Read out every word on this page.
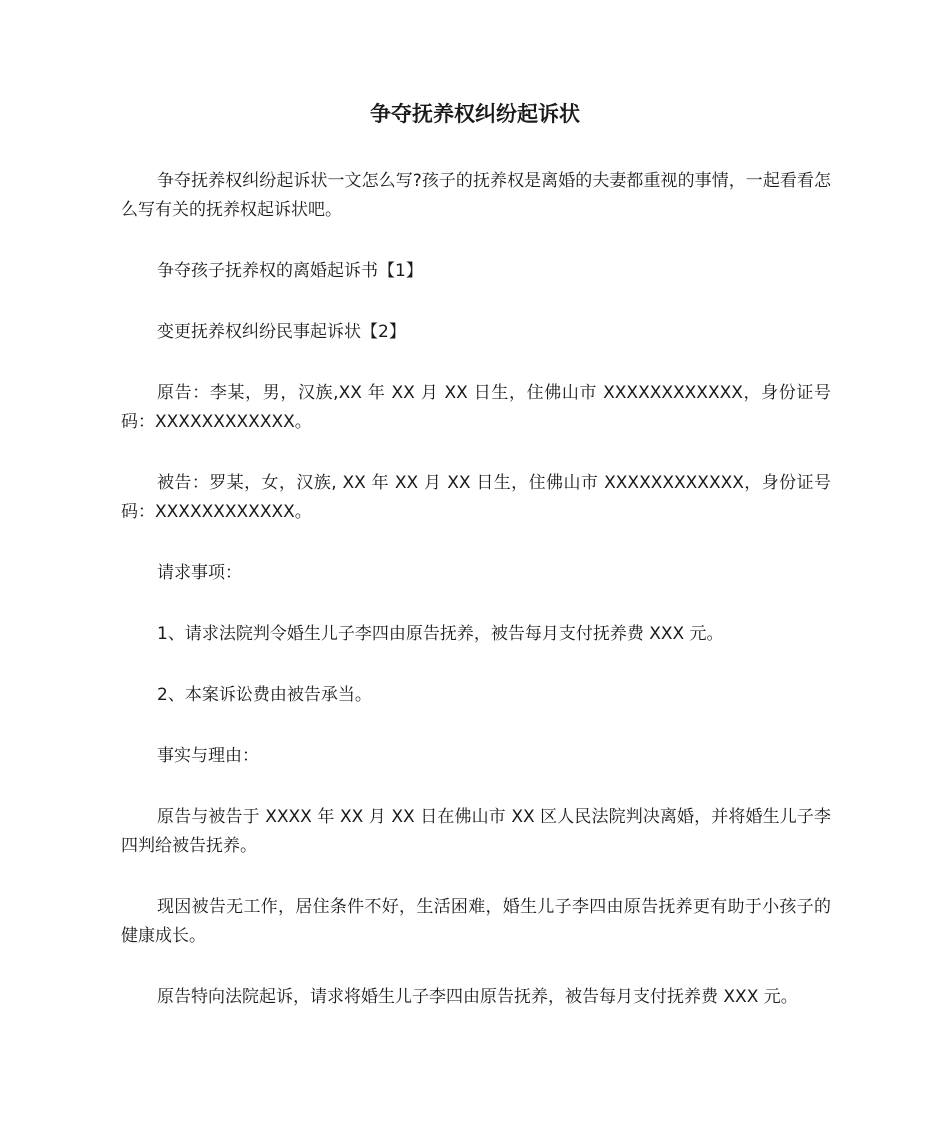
争夺抚养权纠纷起诉状

争夺抚养权纠纷起诉状一文怎么写?孩子的抚养权是离婚的夫妻都重视的事情，一起看看怎么写有关的抚养权起诉状吧。

争夺孩子抚养权的离婚起诉书【1】

变更抚养权纠纷民事起诉状【2】

原告：李某，男，汉族,XX 年 XX 月 XX 日生，住佛山市 XXXXXXXXXXXX，身份证号码：XXXXXXXXXXXX。

被告：罗某，女，汉族, XX 年 XX 月 XX 日生，住佛山市 XXXXXXXXXXXX，身份证号码：XXXXXXXXXXXX。

请求事项：

1、请求法院判令婚生儿子李四由原告抚养，被告每月支付抚养费 XXX 元。

2、本案诉讼费由被告承当。

事实与理由：

原告与被告于 XXXX 年 XX 月 XX 日在佛山市 XX 区人民法院判决离婚，并将婚生儿子李四判给被告抚养。

现因被告无工作，居住条件不好，生活困难，婚生儿子李四由原告抚养更有助于小孩子的健康成长。

原告特向法院起诉，请求将婚生儿子李四由原告抚养，被告每月支付抚养费 XXX 元。
